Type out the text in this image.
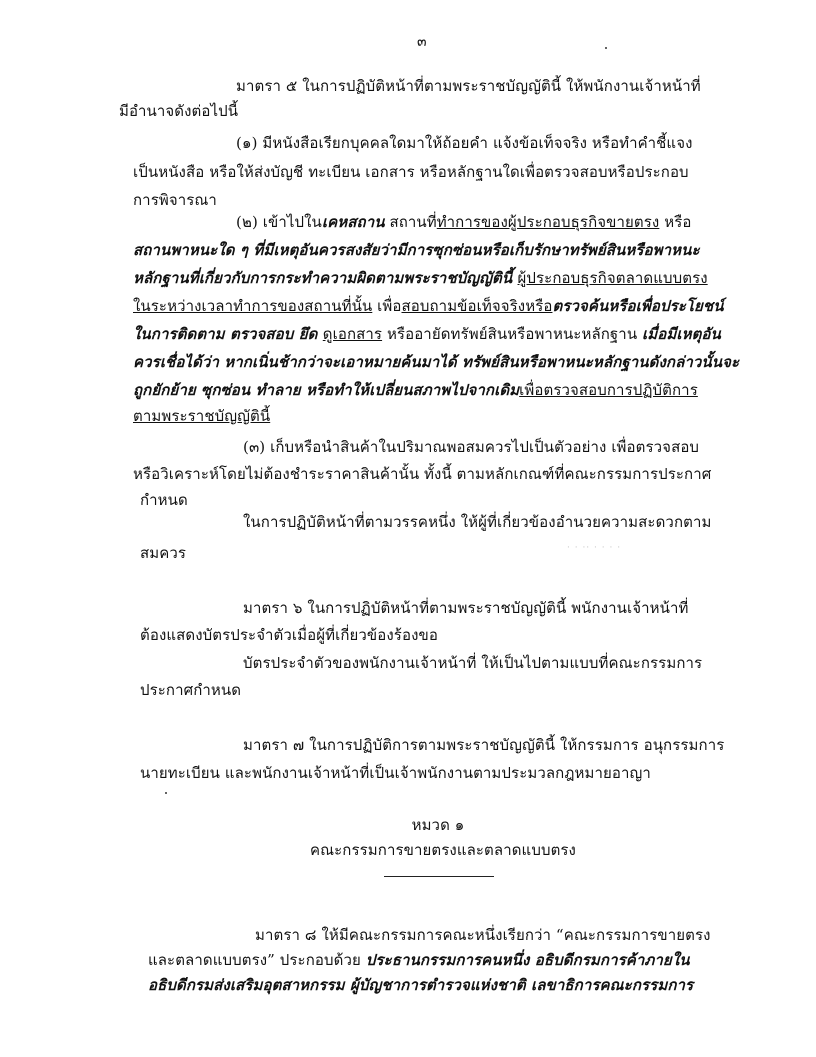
๓
มาตรา ๕ ในการปฏิบัติหน้าที่ตามพระราชบัญญัตินี้ ให้พนักงานเจ้าหน้าที่
มีอำนาจดังต่อไปนี้
(๑) มีหนังสือเรียกบุคคลใดมาให้ถ้อยคำ แจ้งข้อเท็จจริง หรือทำคำชี้แจง
เป็นหนังสือ หรือให้ส่งบัญชี ทะเบียน เอกสาร หรือหลักฐานใดเพื่อตรวจสอบหรือประกอบ
การพิจารณา
(๒) เข้าไปในเคหสถาน สถานที่ทำการของผู้ประกอบธุรกิจขายตรง หรือ
สถานพาหนะใด ๆ ที่มีเหตุอันควรสงสัยว่ามีการซุกซ่อนหรือเก็บรักษาทรัพย์สินหรือพาหนะ
หลักฐานที่เกี่ยวกับการกระทำความผิดตามพระราชบัญญัตินี้ ผู้ประกอบธุรกิจตลาดแบบตรง
ในระหว่างเวลาทำการของสถานที่นั้น เพื่อสอบถามข้อเท็จจริงหรือตรวจค้นหรือเพื่อประโยชน์
ในการติดตาม ตรวจสอบ ยึด ดูเอกสาร หรืออายัดทรัพย์สินหรือพาหนะหลักฐาน เมื่อมีเหตุอัน
ควรเชื่อได้ว่า หากเนิ่นช้ากว่าจะเอาหมายค้นมาได้ ทรัพย์สินหรือพาหนะหลักฐานดังกล่าวนั้นจะ
ถูกยักย้าย ซุกซ่อน ทำลาย หรือทำให้เปลี่ยนสภาพไปจากเดิมเพื่อตรวจสอบการปฏิบัติการ
ตามพระราชบัญญัตินี้
(๓) เก็บหรือนำสินค้าในปริมาณพอสมควรไปเป็นตัวอย่าง เพื่อตรวจสอบ
หรือวิเคราะห์โดยไม่ต้องชำระราคาสินค้านั้น ทั้งนี้ ตามหลักเกณฑ์ที่คณะกรรมการประกาศ
กำหนด
ในการปฏิบัติหน้าที่ตามวรรคหนึ่ง ให้ผู้ที่เกี่ยวข้องอำนวยความสะดวกตาม
สมควร	· · ·· · · · ·
มาตรา ๖ ในการปฏิบัติหน้าที่ตามพระราชบัญญัตินี้ พนักงานเจ้าหน้าที่
ต้องแสดงบัตรประจำตัวเมื่อผู้ที่เกี่ยวข้องร้องขอ
บัตรประจำตัวของพนักงานเจ้าหน้าที่ ให้เป็นไปตามแบบที่คณะกรรมการ
ประกาศกำหนด
มาตรา ๗ ในการปฏิบัติการตามพระราชบัญญัตินี้ ให้กรรมการ อนุกรรมการ
นายทะเบียน และพนักงานเจ้าหน้าที่เป็นเจ้าพนักงานตามประมวลกฎหมายอาญา
หมวด ๑
คณะกรรมการขายตรงและตลาดแบบตรง
มาตรา ๘ ให้มีคณะกรรมการคณะหนึ่งเรียกว่า “คณะกรรมการขายตรง
และตลาดแบบตรง” ประกอบด้วย ประธานกรรมการคนหนึ่ง อธิบดีกรมการค้าภายใน
อธิบดีกรมส่งเสริมอุตสาหกรรม ผู้บัญชาการตำรวจแห่งชาติ เลขาธิการคณะกรรมการ
